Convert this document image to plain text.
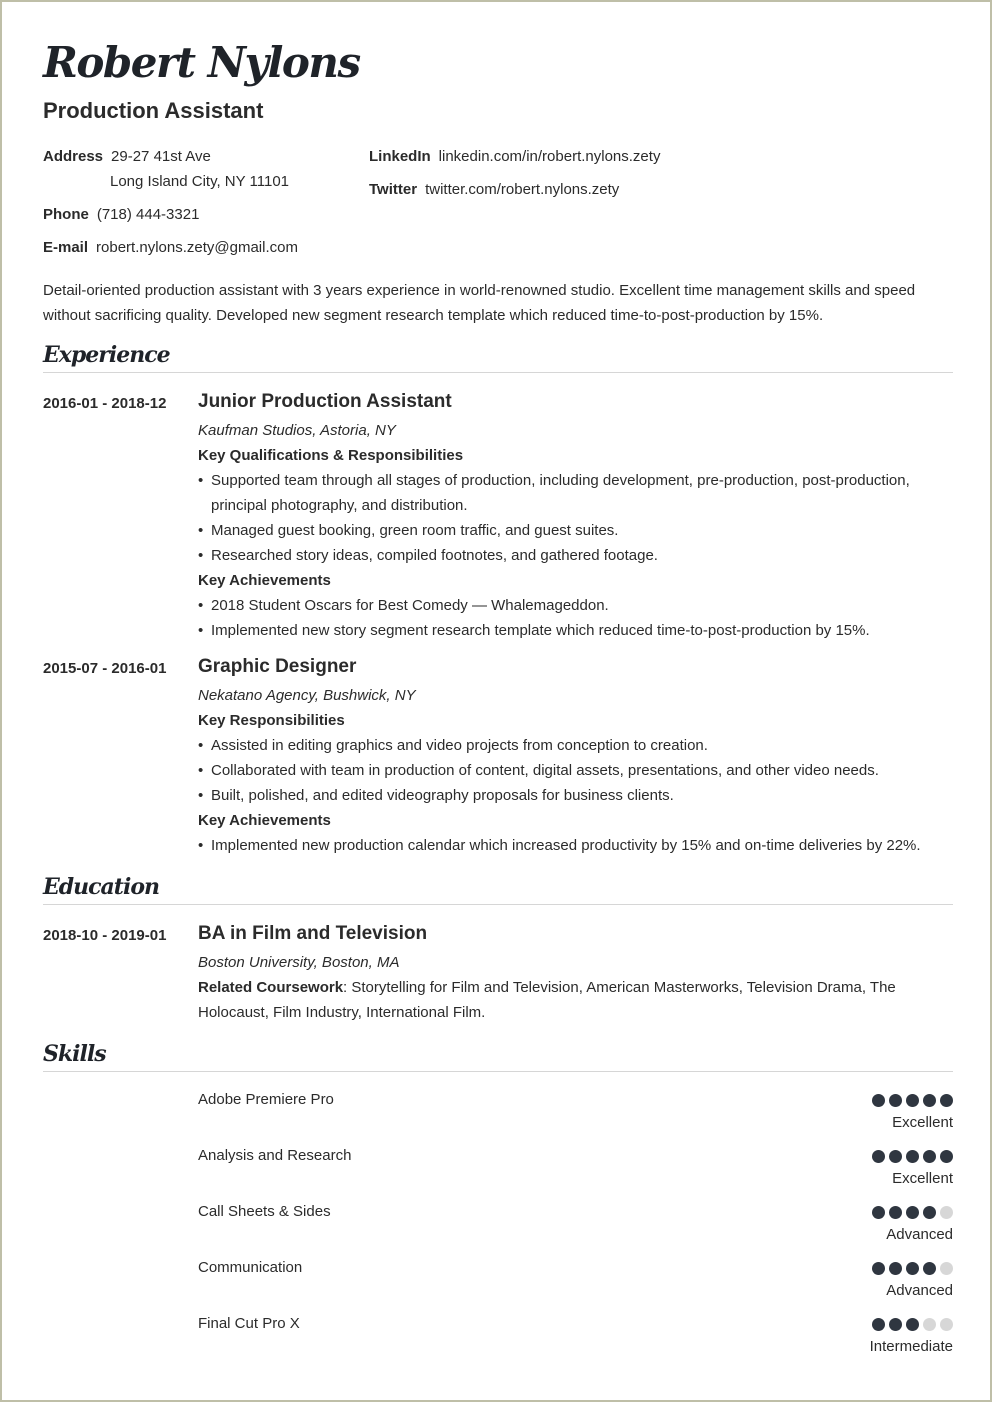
Robert Nylons
Production Assistant
Address 29-27 41st Ave
Long Island City, NY 11101
Phone (718) 444-3321
E-mail robert.nylons.zety@gmail.com
LinkedIn linkedin.com/in/robert.nylons.zety
Twitter twitter.com/robert.nylons.zety
Detail-oriented production assistant with 3 years experience in world-renowned studio. Excellent time management skills and speed without sacrificing quality. Developed new segment research template which reduced time-to-post-production by 15%.
Experience
2016-01 - 2018-12 Junior Production Assistant
Kaufman Studios, Astoria, NY
Key Qualifications & Responsibilities
• Supported team through all stages of production, including development, pre-production, post-production, principal photography, and distribution.
• Managed guest booking, green room traffic, and guest suites.
• Researched story ideas, compiled footnotes, and gathered footage.
Key Achievements
• 2018 Student Oscars for Best Comedy — Whalemageddon.
• Implemented new story segment research template which reduced time-to-post-production by 15%.
2015-07 - 2016-01 Graphic Designer
Nekatano Agency, Bushwick, NY
Key Responsibilities
• Assisted in editing graphics and video projects from conception to creation.
• Collaborated with team in production of content, digital assets, presentations, and other video needs.
• Built, polished, and edited videography proposals for business clients.
Key Achievements
• Implemented new production calendar which increased productivity by 15% and on-time deliveries by 22%.
Education
2018-10 - 2019-01 BA in Film and Television
Boston University, Boston, MA

Related Coursework: Storytelling for Film and Television, American Masterworks, Television Drama, The Holocaust, Film Industry, International Film.

Skills
Adobe Premiere Pro
Excellent
Analysis and Research
Excellent
Call Sheets & Sides
Advanced
Communication
Advanced
Final Cut Pro X
Intermediate
